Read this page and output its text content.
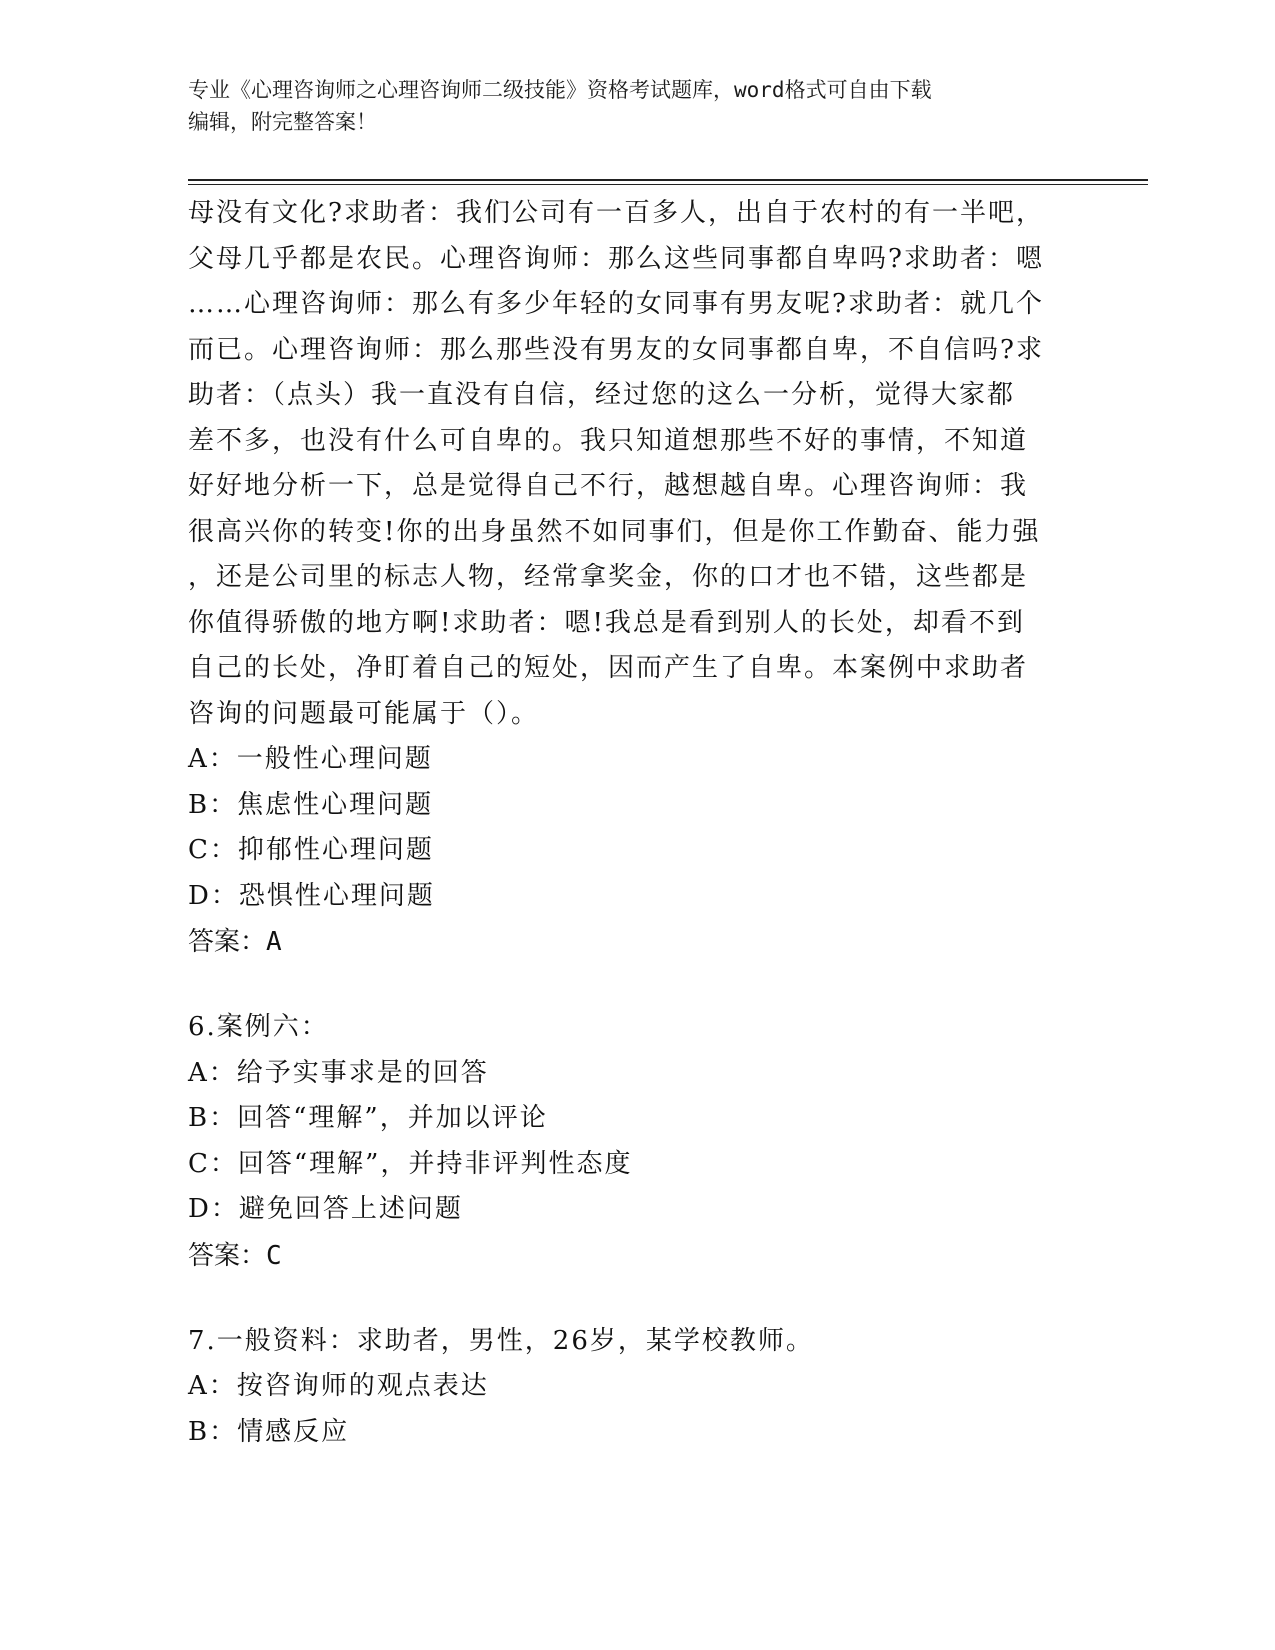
专业《心理咨询师之心理咨询师二级技能》资格考试题库，word格式可自由下载
编辑，附完整答案！

母没有文化?求助者：我们公司有一百多人，出自于农村的有一半吧，

父母几乎都是农民。心理咨询师：那么这些同事都自卑吗?求助者：嗯

……心理咨询师：那么有多少年轻的女同事有男友呢?求助者：就几个

而已。心理咨询师：那么那些没有男友的女同事都自卑，不自信吗?求

助者：（点头）我一直没有自信，经过您的这么一分析，觉得大家都

差不多，也没有什么可自卑的。我只知道想那些不好的事情，不知道

好好地分析一下，总是觉得自己不行，越想越自卑。心理咨询师：我

很高兴你的转变!你的出身虽然不如同事们，但是你工作勤奋、能力强

，还是公司里的标志人物，经常拿奖金，你的口才也不错，这些都是

你值得骄傲的地方啊!求助者：嗯!我总是看到别人的长处，却看不到

自己的长处，净盯着自己的短处，因而产生了自卑。本案例中求助者

咨询的问题最可能属于（）。

A：一般性心理问题

B：焦虑性心理问题

C：抑郁性心理问题

D：恐惧性心理问题

答案：A

6.案例六：

A：给予实事求是的回答

B：回答“理解”，并加以评论

C：回答“理解”，并持非评判性态度

D：避免回答上述问题

答案：C

7.一般资料：求助者，男性，26岁，某学校教师。

A：按咨询师的观点表达

B：情感反应
